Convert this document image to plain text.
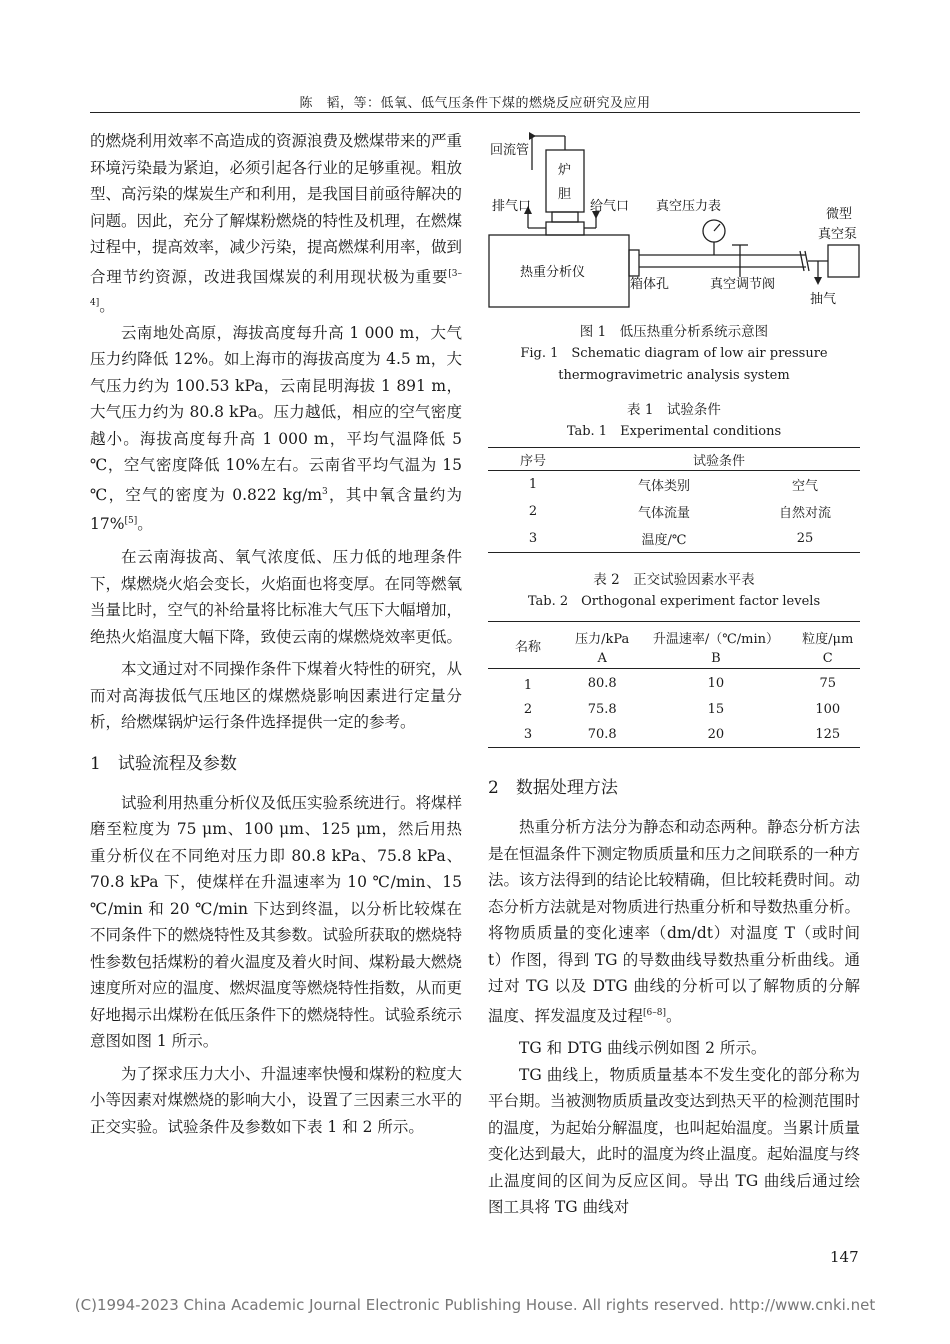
陈　韬，等：低氧、低气压条件下煤的燃烧反应研究及应用

的燃烧利用效率不高造成的资源浪费及燃煤带来的严重环境污染最为紧迫，必须引起各行业的足够重视。粗放型、高污染的煤炭生产和利用，是我国目前亟待解决的问题。因此，充分了解煤粉燃烧的特性及机理，在燃煤过程中，提高效率，减少污染，提高燃煤利用率，做到合理节约资源，改进我国煤炭的利用现状极为重要[3–4]。

云南地处高原，海拔高度每升高 1 000 m，大气压力约降低 12%。如上海市的海拔高度为 4.5 m，大气压力约为 100.53 kPa，云南昆明海拔 1 891 m，大气压力约为 80.8 kPa。压力越低，相应的空气密度越小。海拔高度每升高 1 000 m，平均气温降低 5 ℃，空气密度降低 10%左右。云南省平均气温为 15 ℃，空气的密度为 0.822 $kg/m^3$，其中氧含量约为 17%[5]。

在云南海拔高、氧气浓度低、压力低的地理条件下，煤燃烧火焰会变长，火焰面也将变厚。在同等燃氧当量比时，空气的补给量将比标准大气压下大幅增加，绝热火焰温度大幅下降，致使云南的煤燃烧效率更低。

本文通过对不同操作条件下煤着火特性的研究，从而对高海拔低气压地区的煤燃烧影响因素进行定量分析，给燃煤锅炉运行条件选择提供一定的参考。

1　试验流程及参数

试验利用热重分析仪及低压实验系统进行。将煤样磨至粒度为 75 μm、100 μm、125 μm，然后用热重分析仪在不同绝对压力即 80.8 kPa、75.8 kPa、70.8 kPa 下，使煤样在升温速率为 10 ℃/min、15 ℃/min 和 20 ℃/min 下达到终温，以分析比较煤在不同条件下的燃烧特性及其参数。试验所获取的燃烧特性参数包括煤粉的着火温度及着火时间、煤粉最大燃烧速度所对应的温度、燃烬温度等燃烧特性指数，从而更好地揭示出煤粉在低压条件下的燃烧特性。试验系统示意图如图 1 所示。

为了探求压力大小、升温速率快慢和煤粉的粒度大小等因素对煤燃烧的影响大小，设置了三因素三水平的正交实验。试验条件及参数如下表 1 和 2 所示。

回流管
炉
胆
排气口	给气口 真空压力表
微型
真空泵
热重分析仪
箱体孔	真空调节阀
抽气
图 1　低压热重分析系统示意图
Fig. 1　Schematic diagram of low air pressure
thermogravimetric analysis system
表 1　试验条件
Tab. 1　Experimental conditions
序号	试验条件	
1	气体类别	空气
2	气体流量	自然对流
3	温度/℃	25
表 2　正交试验因素水平表
Tab. 2　Orthogonal experiment factor levels
名称	压力/kPa	升温速率/（℃/min）	粒度/μm
	A	B	C
1	80.8	10	75
2	75.8	15	100
3	70.8	20	125
2　数据处理方法

热重分析方法分为静态和动态两种。静态分析方法是在恒温条件下测定物质质量和压力之间联系的一种方法。该方法得到的结论比较精确，但比较耗费时间。动态分析方法就是对物质进行热重分析和导数热重分析。将物质质量的变化速率（dm/dt）对温度 T（或时间 t）作图，得到 TG 的导数曲线导数热重分析曲线。通过对 TG 以及 DTG 曲线的分析可以了解物质的分解温度、挥发温度及过程[6–8]。

TG 和 DTG 曲线示例如图 2 所示。

TG 曲线上，物质质量基本不发生变化的部分称为平台期。当被测物质质量改变达到热天平的检测范围时的温度，为起始分解温度，也叫起始温度。当累计质量变化达到最大，此时的温度为终止温度。起始温度与终止温度间的区间为反应区间。导出 TG 曲线后通过绘图工具将 TG 曲线对

147
(C)1994-2023 China Academic Journal Electronic Publishing House. All rights reserved. http://www.cnki.net
